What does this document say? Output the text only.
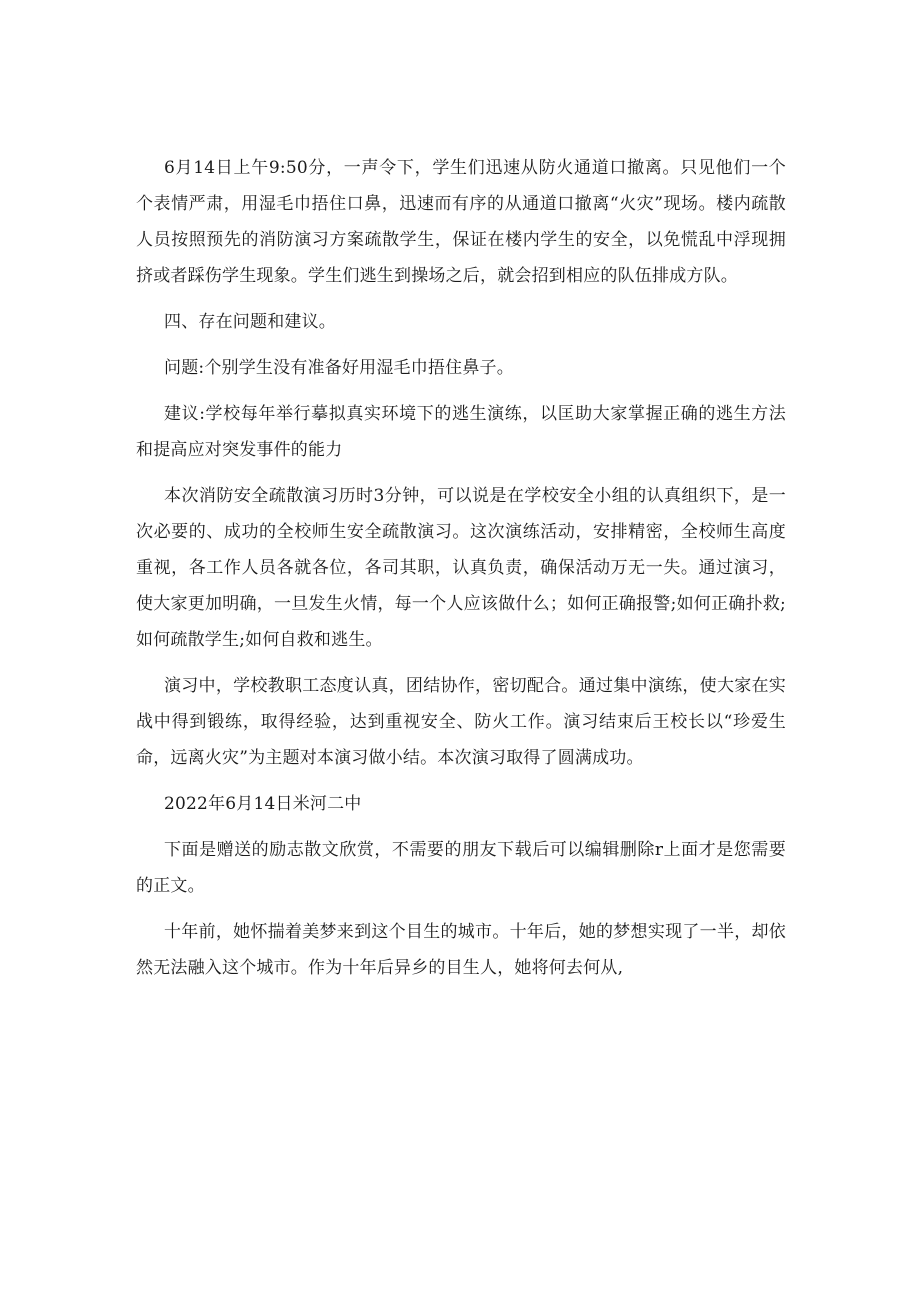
6月14日上午9:50分，一声令下，学生们迅速从防火通道口撤离。只见他们一个个表情严肃，用湿毛巾捂住口鼻，迅速而有序的从通道口撤离“火灾”现场。楼内疏散人员按照预先的消防演习方案疏散学生，保证在楼内学生的安全，以免慌乱中浮现拥挤或者踩伤学生现象。学生们逃生到操场之后，就会招到相应的队伍排成方队。

四、存在问题和建议。

问题:个别学生没有准备好用湿毛巾捂住鼻子。

建议:学校每年举行摹拟真实环境下的逃生演练，以匡助大家掌握正确的逃生方法和提高应对突发事件的能力

本次消防安全疏散演习历时3分钟，可以说是在学校安全小组的认真组织下，是一次必要的、成功的全校师生安全疏散演习。这次演练活动，安排精密，全校师生高度重视，各工作人员各就各位，各司其职，认真负责，确保活动万无一失。通过演习，使大家更加明确，一旦发生火情，每一个人应该做什么；如何正确报警;如何正确扑救;如何疏散学生;如何自救和逃生。

演习中，学校教职工态度认真，团结协作，密切配合。通过集中演练，使大家在实战中得到锻练，取得经验，达到重视安全、防火工作。演习结束后王校长以“珍爱生命，远离火灾”为主题对本演习做小结。本次演习取得了圆满成功。

2022年6月14日米河二中

下面是赠送的励志散文欣赏，不需要的朋友下载后可以编辑删除r上面才是您需要的正文。

十年前，她怀揣着美梦来到这个目生的城市。十年后，她的梦想实现了一半，却依然无法融入这个城市。作为十年后异乡的目生人，她将何去何从,
